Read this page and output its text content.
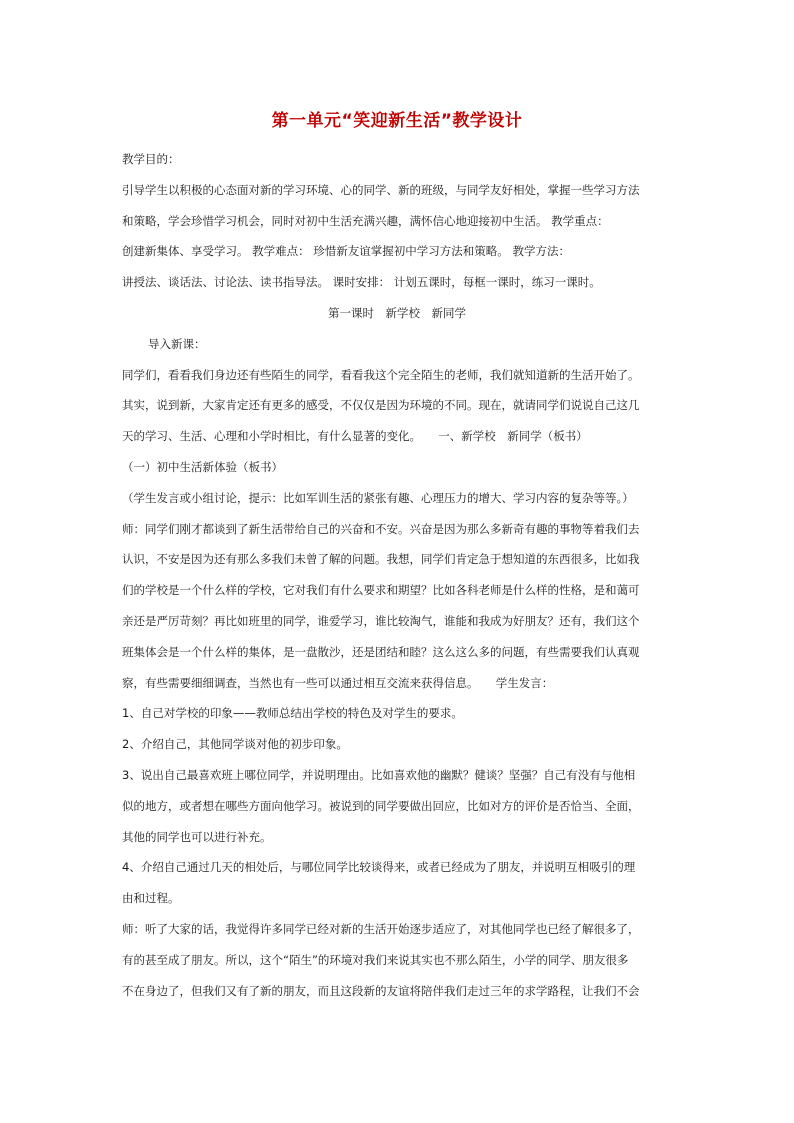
第一单元“笑迎新生活”教学设计
教学目的：
引导学生以积极的心态面对新的学习环境、心的同学、新的班级，与同学友好相处，掌握一些学习方法
和策略，学会珍惜学习机会，同时对初中生活充满兴趣，满怀信心地迎接初中生活。 教学重点：
创建新集体、享受学习。 教学难点： 珍惜新友谊掌握初中学习方法和策略。 教学方法：
讲授法、谈话法、讨论法、读书指导法。 课时安排： 计划五课时，每框一课时，练习一课时。
第一课时　新学校　新同学
导入新课：
同学们，看看我们身边还有些陌生的同学，看看我这个完全陌生的老师，我们就知道新的生活开始了。
其实，说到新，大家肯定还有更多的感受，不仅仅是因为环境的不同。现在，就请同学们说说自己这几
天的学习、生活、心理和小学时相比，有什么显著的变化。　　一、新学校　新同学（板书）
（一）初中生活新体验（板书）
（学生发言或小组讨论，提示：比如军训生活的紧张有趣、心理压力的增大、学习内容的复杂等等。）
师：同学们刚才都谈到了新生活带给自己的兴奋和不安。兴奋是因为那么多新奇有趣的事物等着我们去
认识，不安是因为还有那么多我们未曾了解的问题。我想，同学们肯定急于想知道的东西很多，比如我
们的学校是一个什么样的学校，它对我们有什么要求和期望？比如各科老师是什么样的性格，是和蔼可
亲还是严厉苛刻？再比如班里的同学，谁爱学习，谁比较淘气，谁能和我成为好朋友？还有，我们这个
班集体会是一个什么样的集体，是一盘散沙，还是团结和睦？这么这么多的问题，有些需要我们认真观
察，有些需要细细调查，当然也有一些可以通过相互交流来获得信息。　　学生发言：
1、自己对学校的印象——教师总结出学校的特色及对学生的要求。
2、介绍自己，其他同学谈对他的初步印象。
3、说出自己最喜欢班上哪位同学，并说明理由。比如喜欢他的幽默？健谈？坚强？自己有没有与他相
似的地方，或者想在哪些方面向他学习。被说到的同学要做出回应，比如对方的评价是否恰当、全面，
其他的同学也可以进行补充。
4、介绍自己通过几天的相处后，与哪位同学比较谈得来，或者已经成为了朋友，并说明互相吸引的理
由和过程。
师：听了大家的话，我觉得许多同学已经对新的生活开始逐步适应了，对其他同学也已经了解很多了，
有的甚至成了朋友。所以，这个“陌生”的环境对我们来说其实也不那么陌生，小学的同学、朋友很多
不在身边了，但我们又有了新的朋友，而且这段新的友谊将陪伴我们走过三年的求学路程，让我们不会
